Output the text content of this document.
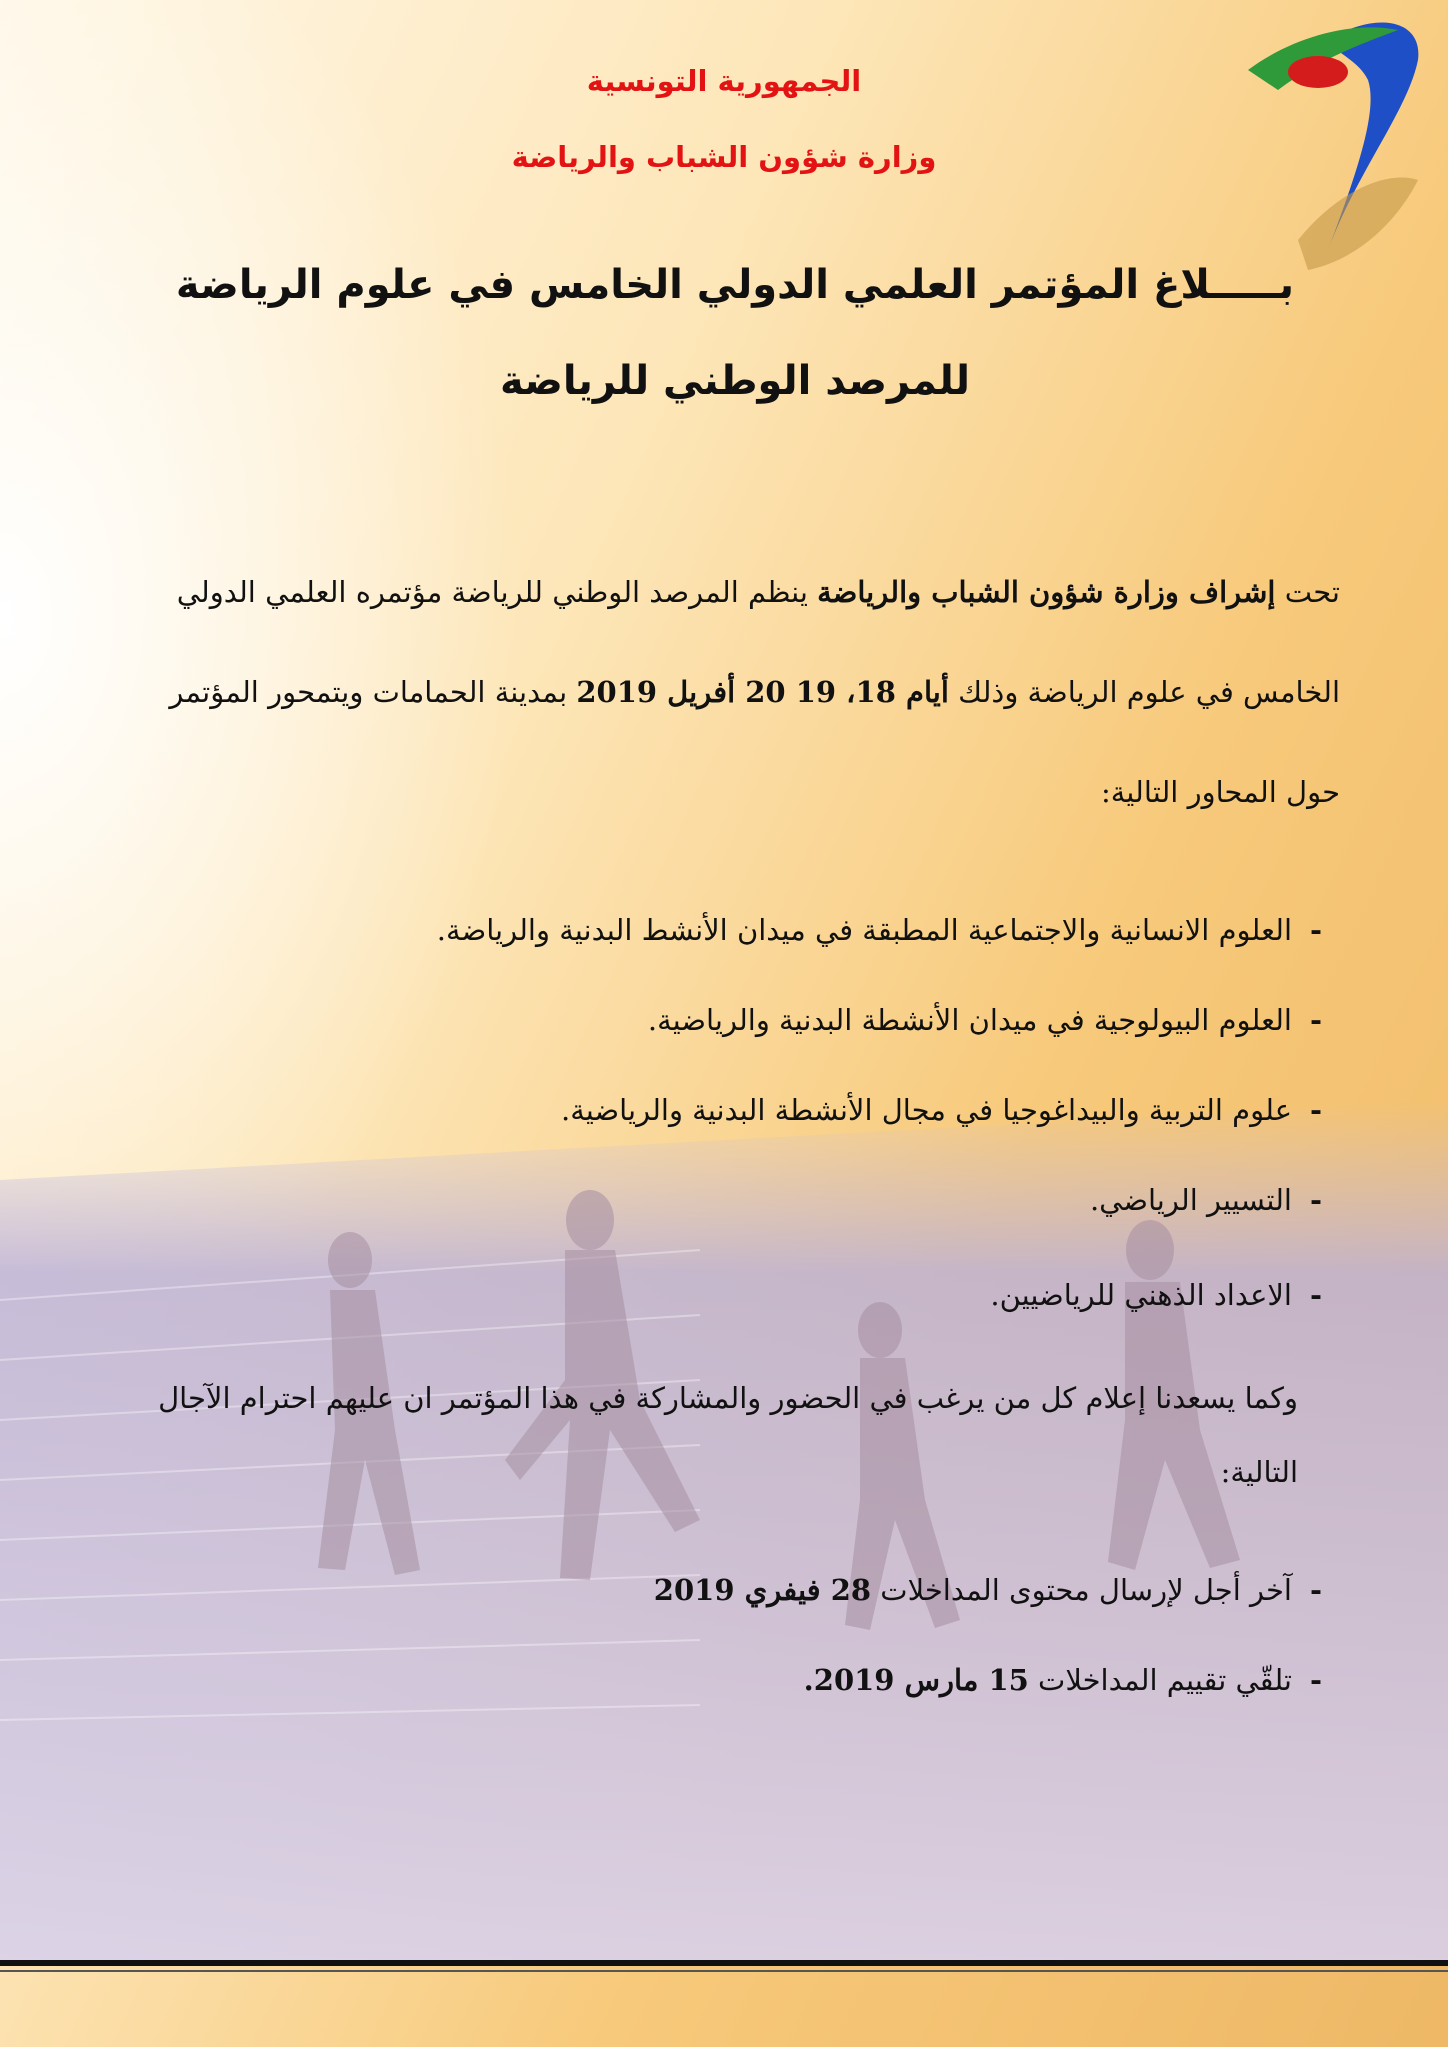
الجمهورية التونسية
وزارة شؤون الشباب والرياضة
بـــــلاغ المؤتمر العلمي الدولي الخامس في علوم الرياضة
للمرصد الوطني للرياضة
تحت إشراف وزارة شؤون الشباب والرياضة ينظم المرصد الوطني للرياضة مؤتمره العلمي الدولي
الخامس في علوم الرياضة وذلك أيام 18، 19 20 أفريل 2019 بمدينة الحمامات ويتمحور المؤتمر
حول المحاور التالية:
-العلوم الانسانية والاجتماعية المطبقة في ميدان الأنشط البدنية والرياضة.
-العلوم البيولوجية في ميدان الأنشطة البدنية والرياضية.
-علوم التربية والبيداغوجيا في مجال الأنشطة البدنية والرياضية.
-التسيير الرياضي.
-الاعداد الذهني للرياضيين.
وكما يسعدنا إعلام كل من يرغب في الحضور والمشاركة في هذا المؤتمر ان عليهم احترام الآجال
التالية:
-آخر أجل لإرسال محتوى المداخلات 28 فيفري 2019
-تلقّي تقييم المداخلات 15 مارس 2019.
